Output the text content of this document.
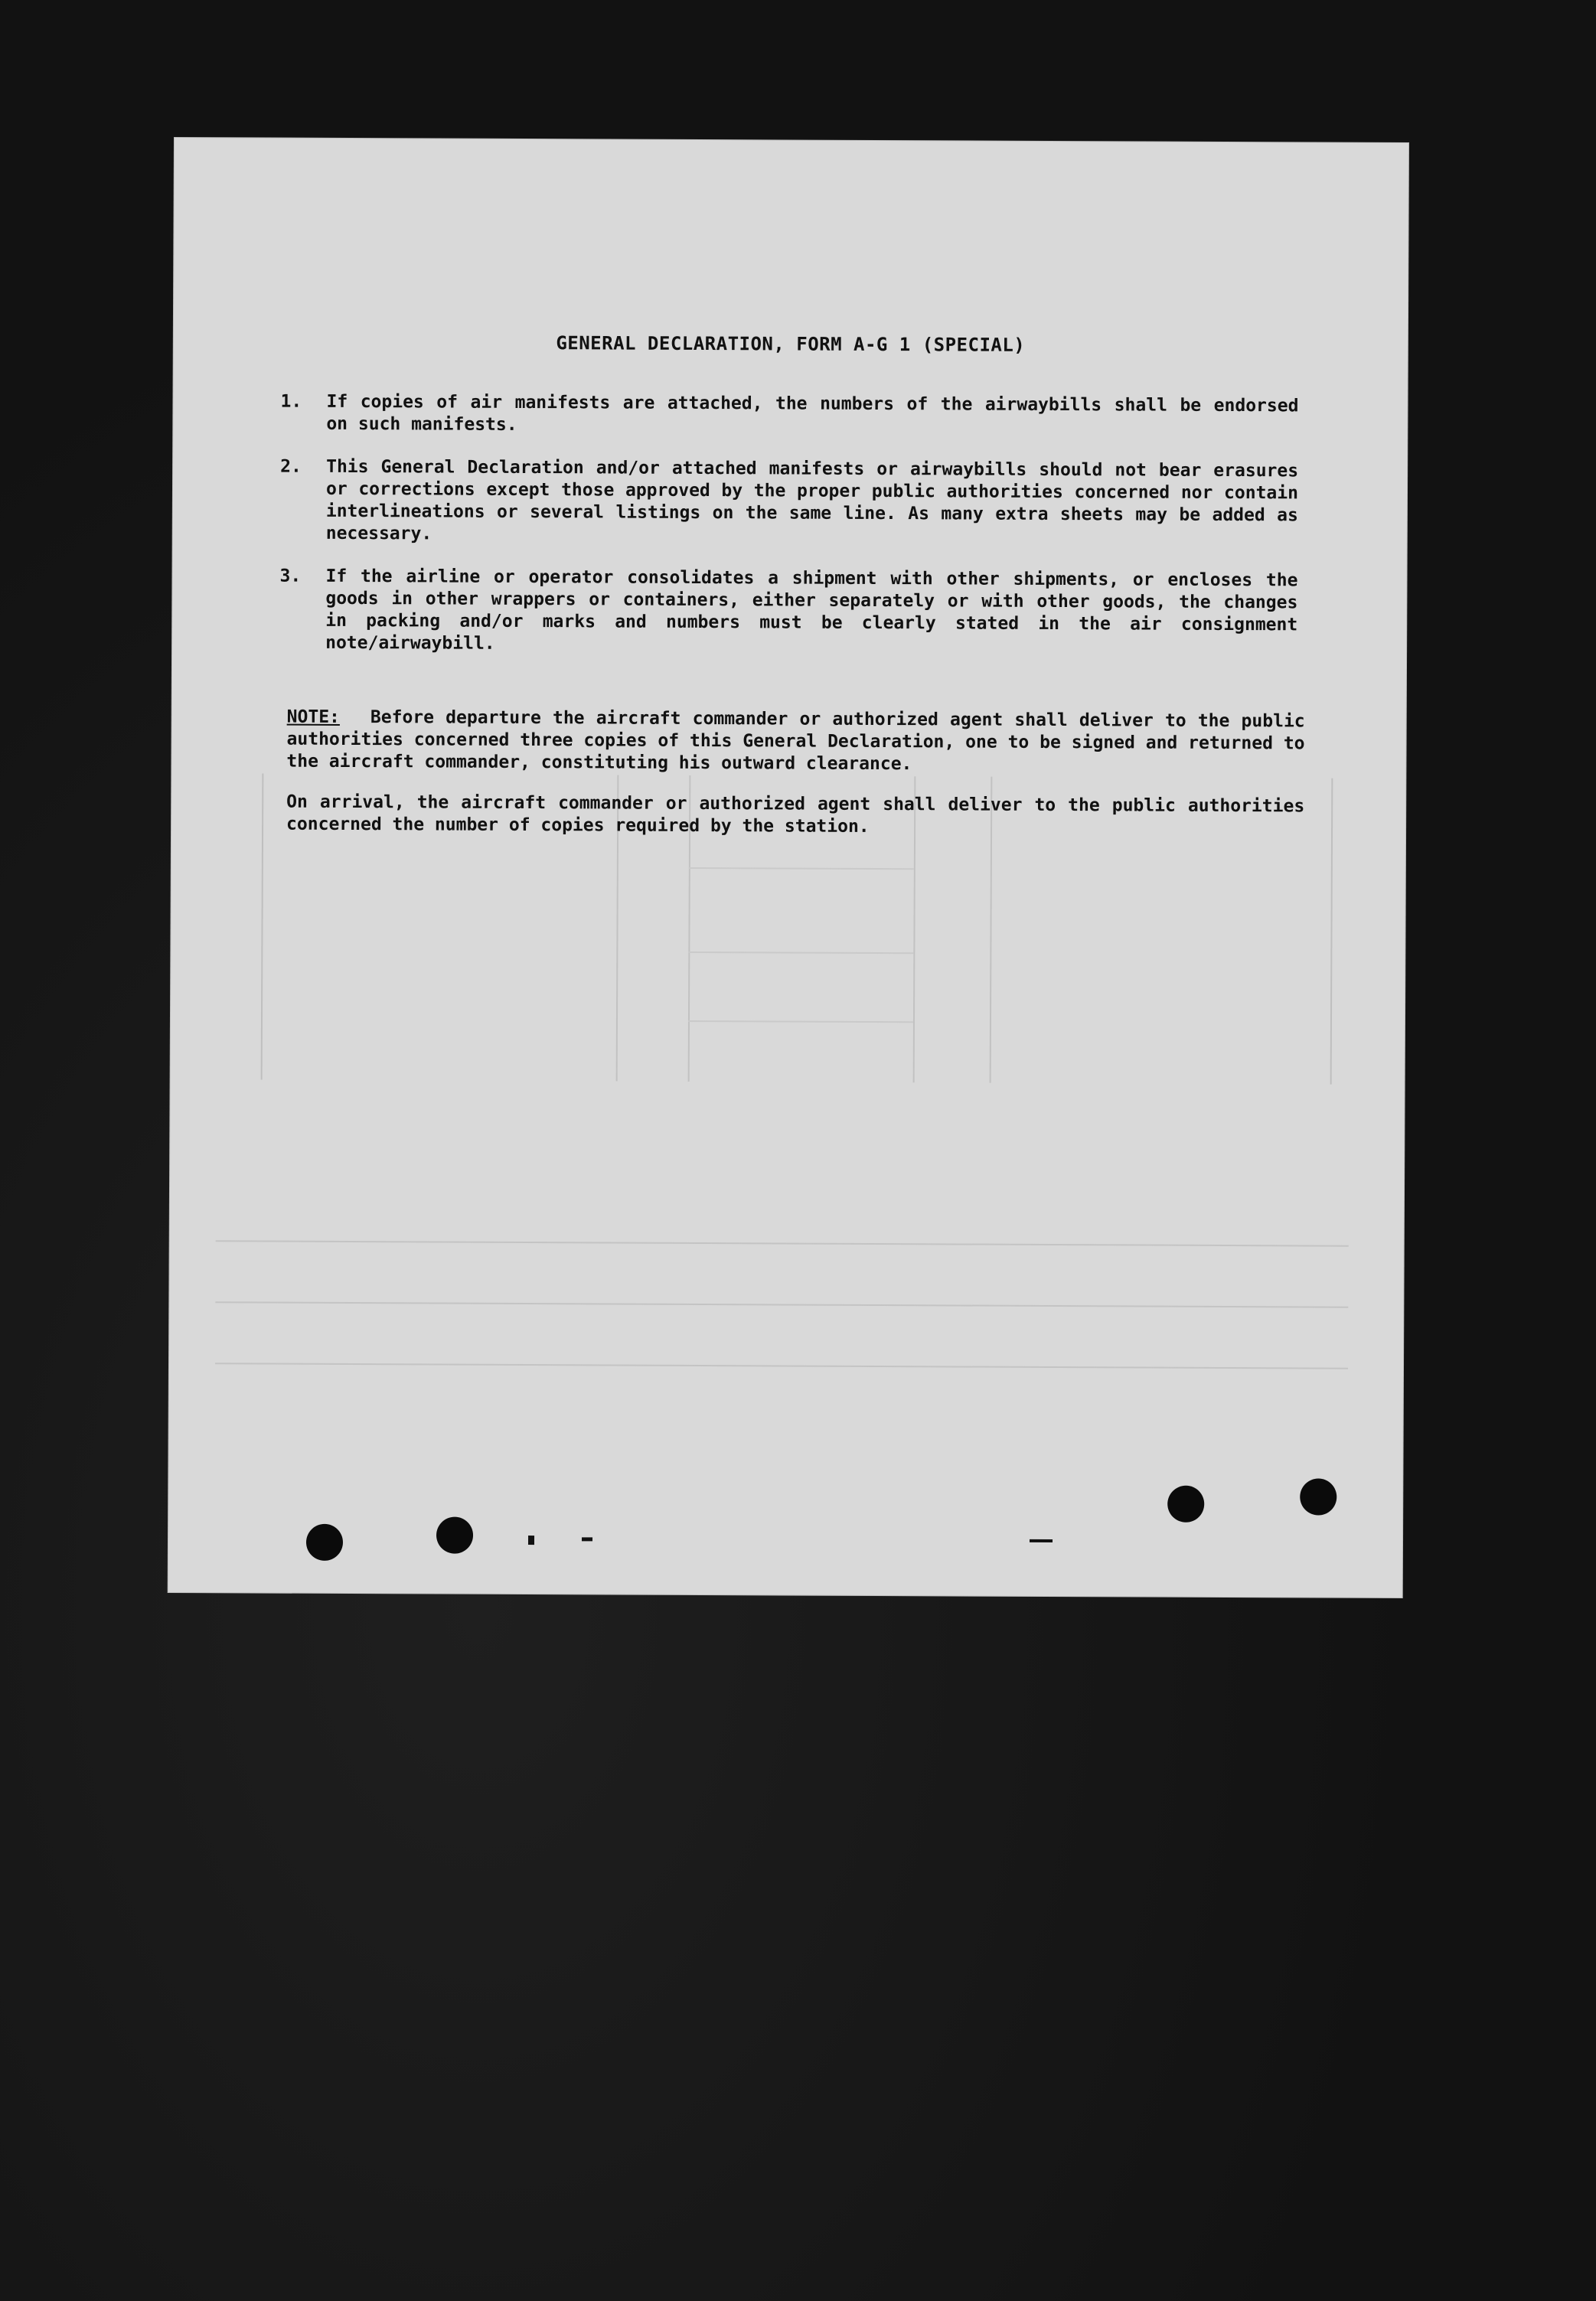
GENERAL DECLARATION, FORM A-G 1 (SPECIAL)
1.	If copies of air manifests are attached, the numbers of the airwaybills shall be endorsed on such manifests.
2.	This General Declaration and/or attached manifests or airwaybills should not bear erasures or corrections except those approved by the proper public authorities concerned nor contain interlineations or several listings on the same line. As many extra sheets may be added as necessary.
3.	If the airline or operator consolidates a shipment with other shipments, or encloses the goods in other wrappers or containers, either separately or with other goods, the changes in packing and/or marks and numbers must be clearly stated in the air consignment note/airwaybill.

NOTE: Before departure the aircraft commander or authorized agent shall deliver to the public authorities concerned three copies of this General Declaration, one to be signed and returned to the aircraft commander, constituting his outward clearance.

On arrival, the aircraft commander or authorized agent shall deliver to the public authorities concerned the number of copies required by the station.
